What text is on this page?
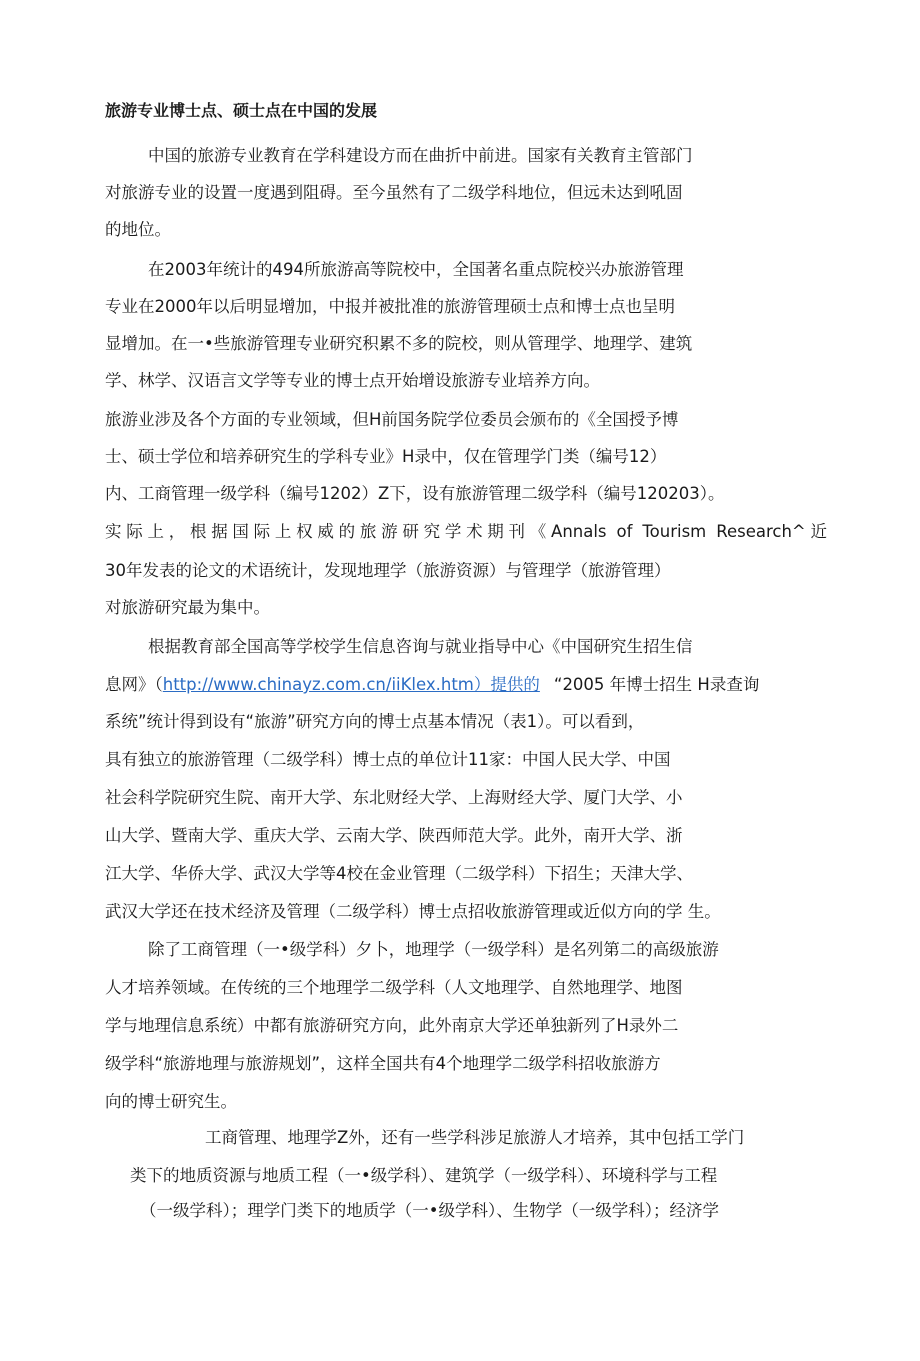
旅游专业博士点、硕士点在中国的发展
中国的旅游专业教育在学科建设方而在曲折中前进。国家有关教育主管部门
对旅游专业的设置一度遇到阻碍。至今虽然有了二级学科地位，但远未达到吼固
的地位。
在2003年统计的494所旅游高等院校中，全国著名重点院校兴办旅游管理
专业在2000年以后明显增加，中报并被批准的旅游管理硕士点和博士点也呈明
显增加。在一•些旅游管理专业研究积累不多的院校，则从管理学、地理学、建筑
学、林学、汉语言文学等专业的博士点开始增设旅游专业培养方向。
旅游业涉及各个方面的专业领域，但H前国务院学位委员会颁布的《全国授予博
士、硕士学位和培养研究生的学科专业》H录中，仅在管理学门类（编号12）
内、工商管理一级学科（编号1202）Z下，设有旅游管理二级学科（编号120203）。
实际上，根据国际上权威的旅游研究学术期刊《Annals of Tourism Research^近
30年发表的论文的术语统计，发现地理学（旅游资源）与管理学（旅游管理）
对旅游研究最为集中。
根据教育部全国高等学校学生信息咨询与就业指导中心《中国研究生招生信
息网》（http://www.chinayz.com.cn/iiKlex.htm）提供的 “2005 年博士招生 H录查询
系统”统计得到设有“旅游”研究方向的博士点基本情况（表1）。可以看到，
具有独立的旅游管理（二级学科）博士点的单位计11家：中国人民大学、中国
社会科学院研究生院、南开大学、东北财经大学、上海财经大学、厦门大学、小
山大学、暨南大学、重庆大学、云南大学、陕西师范大学。此外，南开大学、浙
江大学、华侨大学、武汉大学等4校在金业管理（二级学科）下招生；天津大学、
武汉大学还在技术经济及管理（二级学科）博士点招收旅游管理或近似方向的学 生。
除了工商管理（一•级学科）夕卜，地理学（一级学科）是名列第二的高级旅游
人才培养领域。在传统的三个地理学二级学科（人文地理学、自然地理学、地图
学与地理信息系统）中都有旅游研究方向，此外南京大学还单独新列了H录外二
级学科“旅游地理与旅游规划”，这样全国共有4个地理学二级学科招收旅游方
向的博士研究生。
工商管理、地理学Z外，还有一些学科涉足旅游人才培养，其中包括工学门
类下的地质资源与地质工程（一•级学科）、建筑学（一级学科）、环境科学与工程
（一级学科）；理学门类下的地质学（一•级学科）、生物学（一级学科）；经济学
